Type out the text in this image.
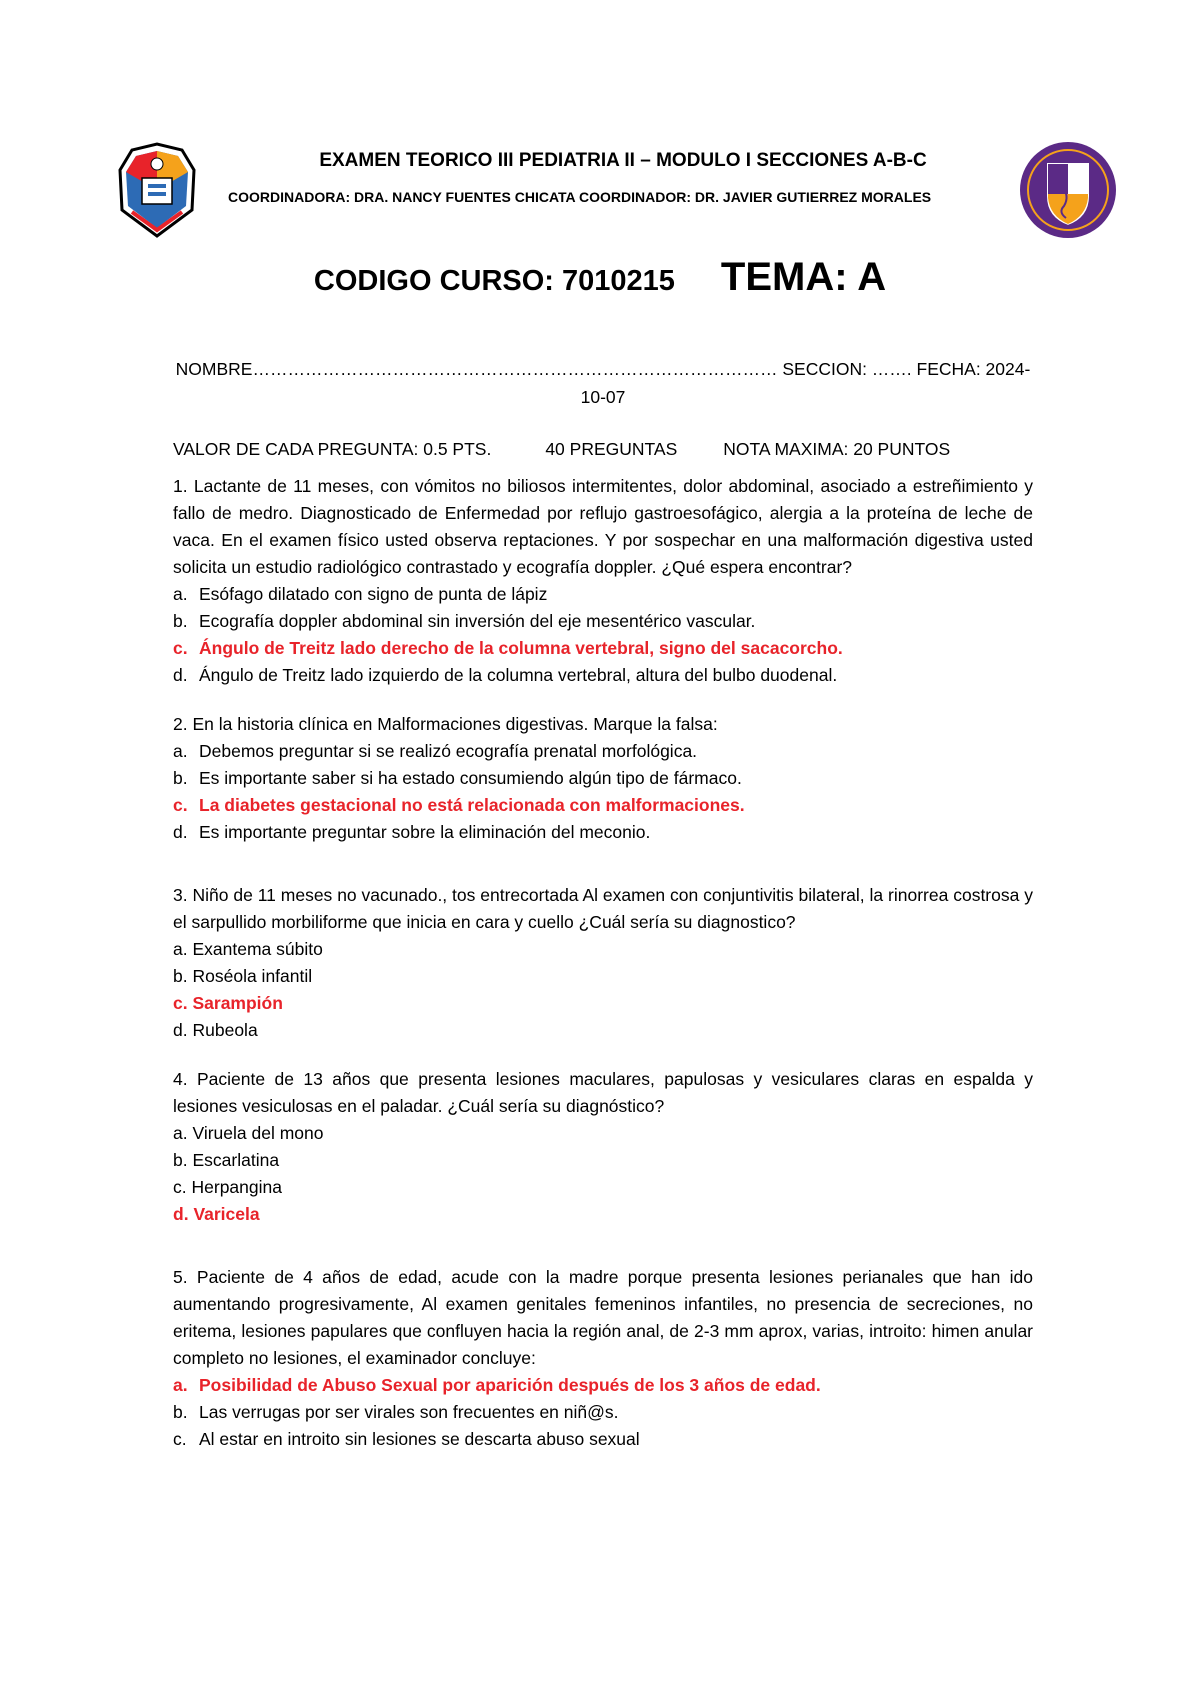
EXAMEN TEORICO III PEDIATRIA II – MODULO I SECCIONES A-B-C
COORDINADORA: DRA. NANCY FUENTES CHICATA COORDINADOR: DR. JAVIER GUTIERREZ MORALES
CODIGO CURSO: 7010215 TEMA: A
NOMBRE……………………………………………………………………………… SECCION: ……. FECHA: 2024-10-07
VALOR DE CADA PREGUNTA: 0.5 PTS.	40 PREGUNTAS	NOTA MAXIMA: 20 PUNTOS
1. Lactante de 11 meses, con vómitos no biliosos intermitentes, dolor abdominal, asociado a estreñimiento y fallo de medro. Diagnosticado de Enfermedad por reflujo gastroesofágico, alergia a la proteína de leche de vaca. En el examen físico usted observa reptaciones. Y por sospechar en una malformación digestiva usted solicita un estudio radiológico contrastado y ecografía doppler. ¿Qué espera encontrar?
a. Esófago dilatado con signo de punta de lápiz
b. Ecografía doppler abdominal sin inversión del eje mesentérico vascular.
c. Ángulo de Treitz lado derecho de la columna vertebral, signo del sacacorcho.
d. Ángulo de Treitz lado izquierdo de la columna vertebral, altura del bulbo duodenal.
2. En la historia clínica en Malformaciones digestivas. Marque la falsa:
a. Debemos preguntar si se realizó ecografía prenatal morfológica.
b. Es importante saber si ha estado consumiendo algún tipo de fármaco.
c. La diabetes gestacional no está relacionada con malformaciones.
d. Es importante preguntar sobre la eliminación del meconio.
3. Niño de 11 meses no vacunado., tos entrecortada Al examen con conjuntivitis bilateral, la rinorrea costrosa y el sarpullido morbiliforme que inicia en cara y cuello ¿Cuál sería su diagnostico?
a. Exantema súbito
b. Roséola infantil
c. Sarampión
d. Rubeola
4. Paciente de 13 años que presenta lesiones maculares, papulosas y vesiculares claras en espalda y lesiones vesiculosas en el paladar. ¿Cuál sería su diagnóstico?
a. Viruela del mono
b. Escarlatina
c. Herpangina
d. Varicela
5. Paciente de 4 años de edad, acude con la madre porque presenta lesiones perianales que han ido aumentando progresivamente, Al examen genitales femeninos infantiles, no presencia de secreciones, no eritema, lesiones papulares que confluyen hacia la región anal, de 2-3 mm aprox, varias, introito: himen anular completo no lesiones, el examinador concluye:
a. Posibilidad de Abuso Sexual por aparición después de los 3 años de edad.
b. Las verrugas por ser virales son frecuentes en niñ@s.
c. Al estar en introito sin lesiones se descarta abuso sexual
